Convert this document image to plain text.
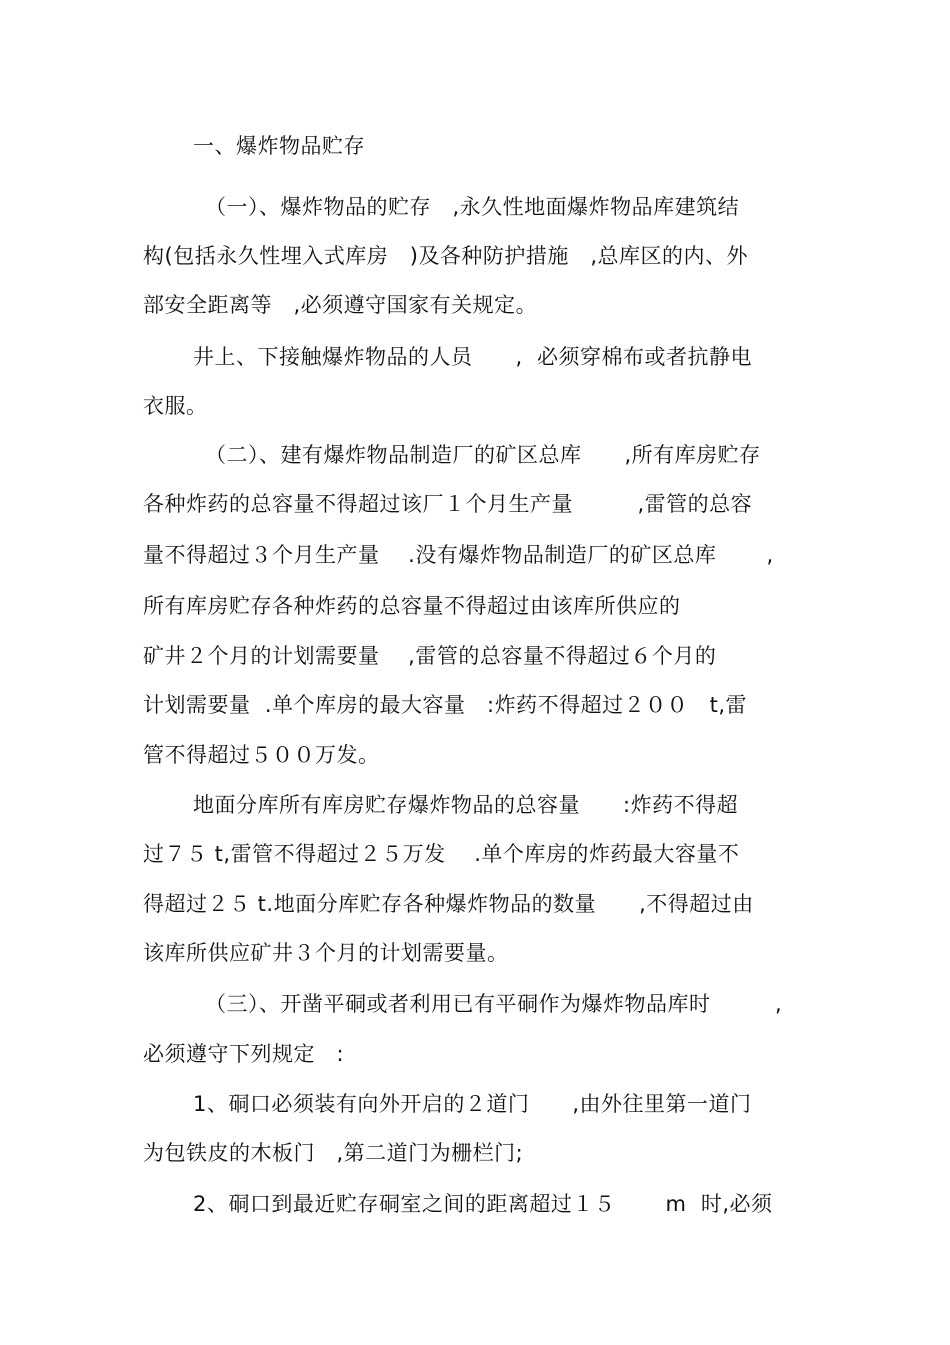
一、爆炸物品贮存
（一）、爆炸物品的贮存　,永久性地面爆炸物品库建筑结
构(包括永久性埋入式库房　)及各种防护措施　,总库区的内、外
部安全距离等　,必须遵守国家有关规定。
井上、下接触爆炸物品的人员　　,  必须穿棉布或者抗静电
衣服。
（二）、建有爆炸物品制造厂的矿区总库　　,所有库房贮存
各种炸药的总容量不得超过该厂１个月生产量　　　,雷管的总容
量不得超过３个月生产量　 .没有爆炸物品制造厂的矿区总库　　 ,
所有库房贮存各种炸药的总容量不得超过由该库所供应的
矿井２个月的计划需要量　 ,雷管的总容量不得超过６个月的
计划需要量  .单个库房的最大容量　:炸药不得超过２００　t,雷
管不得超过５００万发。
地面分库所有库房贮存爆炸物品的总容量　　:炸药不得超
过７５ t,雷管不得超过２５万发　 .单个库房的炸药最大容量不
得超过２５ t.地面分库贮存各种爆炸物品的数量　　,不得超过由
该库所供应矿井３个月的计划需要量。
（三）、开凿平硐或者利用已有平硐作为爆炸物品库时　　　,
必须遵守下列规定　:
1、硐口必须装有向外开启的２道门　　,由外往里第一道门
为包铁皮的木板门　,第二道门为栅栏门;
2、硐口到最近贮存硐室之间的距离超过１５　　 m  时,必须
